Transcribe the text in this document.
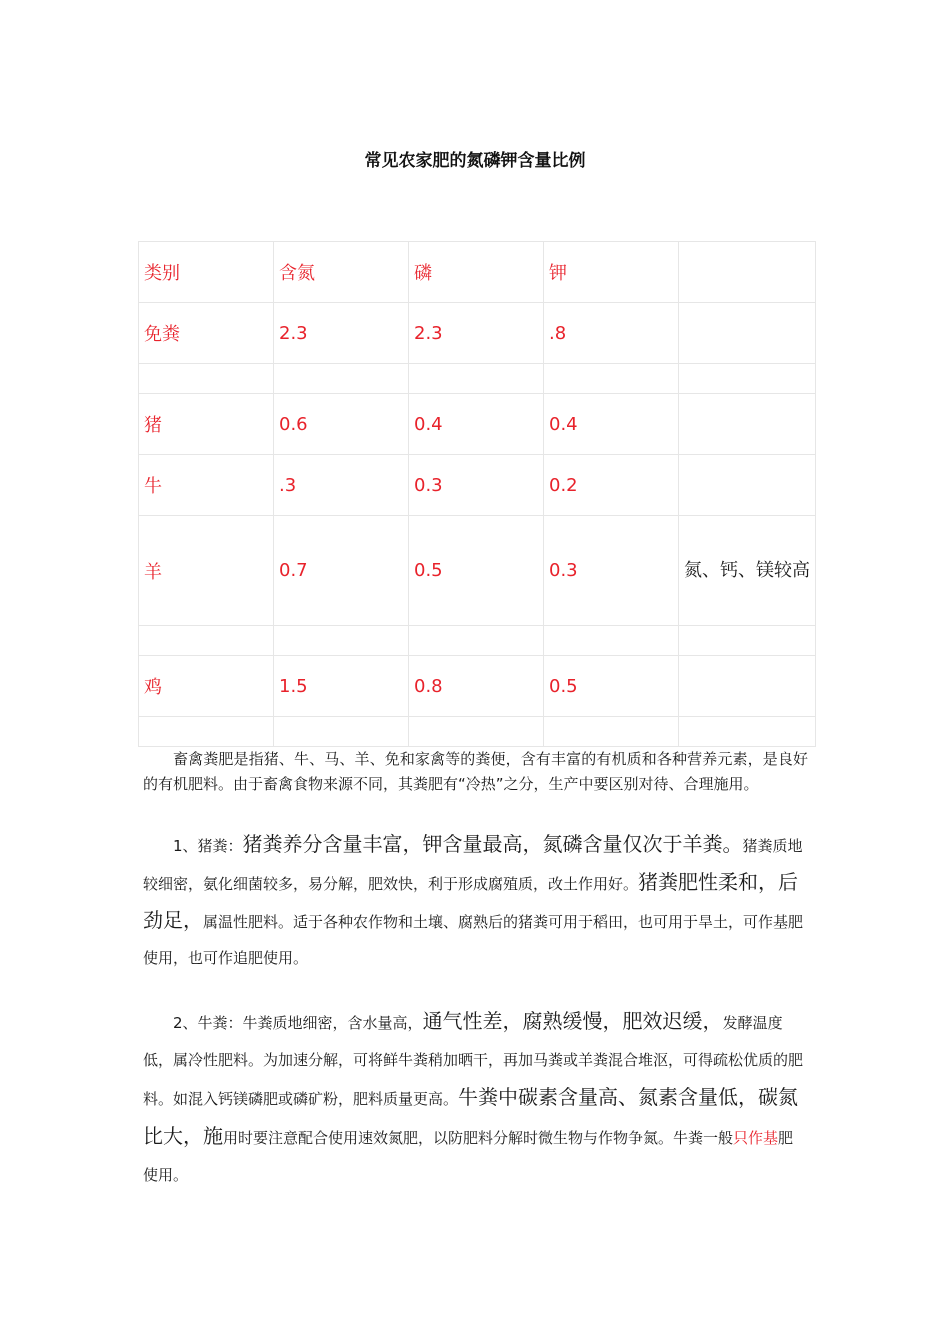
常见农家肥的氮磷钾含量比例
类别	含氮	磷	钾	
免粪	2.3	2.3	.8	

猪	0.6	0.4	0.4	
牛	.3	0.3	0.2	
羊	0.7	0.5	0.3	氮、钙、镁较高

鸡	1.5	0.8	0.5	

畜禽粪肥是指猪、牛、马、羊、免和家禽等的粪便，含有丰富的有机质和各种营养元素，是良好的有机肥料。由于畜禽食物来源不同，其粪肥有“冷热”之分，生产中要区别对待、合理施用。

1、猪粪：猪粪养分含量丰富，钾含量最高，氮磷含量仅次于羊粪。猪粪质地较细密，氨化细菌较多，易分解，肥效快，利于形成腐殖质，改土作用好。猪粪肥性柔和，后劲足，属温性肥料。适于各种农作物和土壤、腐熟后的猪粪可用于稻田，也可用于旱土，可作基肥使用，也可作追肥使用。

2、牛粪：牛粪质地细密，含水量高，通气性差，腐熟缓慢，肥效迟缓，发酵温度低，属冷性肥料。为加速分解，可将鲜牛粪稍加晒干，再加马粪或羊粪混合堆沤，可得疏松优质的肥料。如混入钙镁磷肥或磷矿粉，肥料质量更高。牛粪中碳素含量高、氮素含量低，碳氮比大，施用时要注意配合使用速效氮肥，以防肥料分解时微生物与作物争氮。牛粪一般只作基肥使用。
